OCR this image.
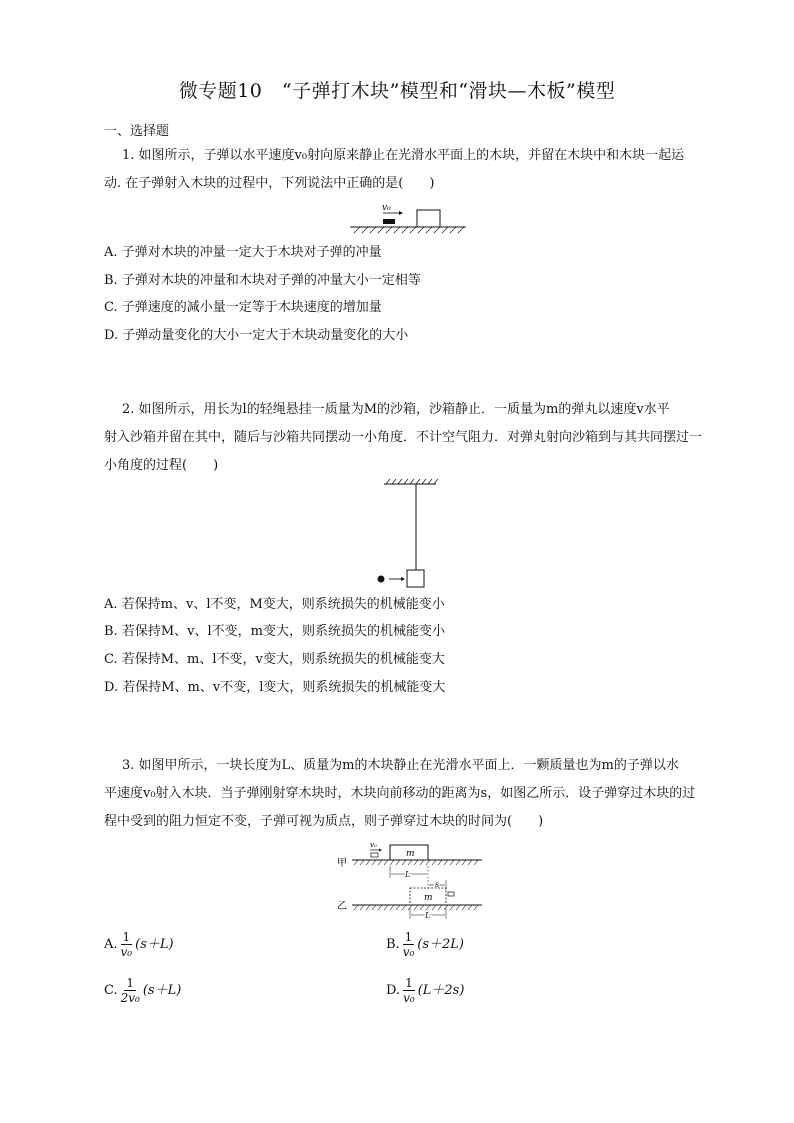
微专题10　“子弹打木块”模型和“滑块—木板”模型
一、选择题
1. 如图所示，子弹以水平速度v₀射向原来静止在光滑水平面上的木块，并留在木块中和木块一起运
动. 在子弹射入木块的过程中，下列说法中正确的是(　　)
v₀
A. 子弹对木块的冲量一定大于木块对子弹的冲量
B. 子弹对木块的冲量和木块对子弹的冲量大小一定相等
C. 子弹速度的减小量一定等于木块速度的增加量
D. 子弹动量变化的大小一定大于木块动量变化的大小
2. 如图所示，用长为l的轻绳悬挂一质量为M的沙箱，沙箱静止．一质量为m的弹丸以速度v水平
射入沙箱并留在其中，随后与沙箱共同摆动一小角度．不计空气阻力．对弹丸射向沙箱到与其共同摆过一
小角度的过程(　　)
A. 若保持m、v、l不变，M变大，则系统损失的机械能变小
B. 若保持M、v、l不变，m变大，则系统损失的机械能变小
C. 若保持M、m、l不变，v变大，则系统损失的机械能变大
D. 若保持M、m、v不变，l变大，则系统损失的机械能变大
3. 如图甲所示，一块长度为L、质量为m的木块静止在光滑水平面上．一颗质量也为m的子弹以水
平速度v₀射入木块．当子弹刚射穿木块时，木块向前移动的距离为s，如图乙所示．设子弹穿过木块的过
程中受到的阻力恒定不变，子弹可视为质点，则子弹穿过木块的时间为(　　)
甲
v₀
m
L
s
乙
m
L
A. $\frac{1}{\text{v₀}} (s+L)$	B. $\frac{1}{\text{v₀}} (s+2L)$
C. $\frac{1}{\text{2v₀}} (s+L)$	D. $\frac{1}{\text{v₀}} (L+2s)$
